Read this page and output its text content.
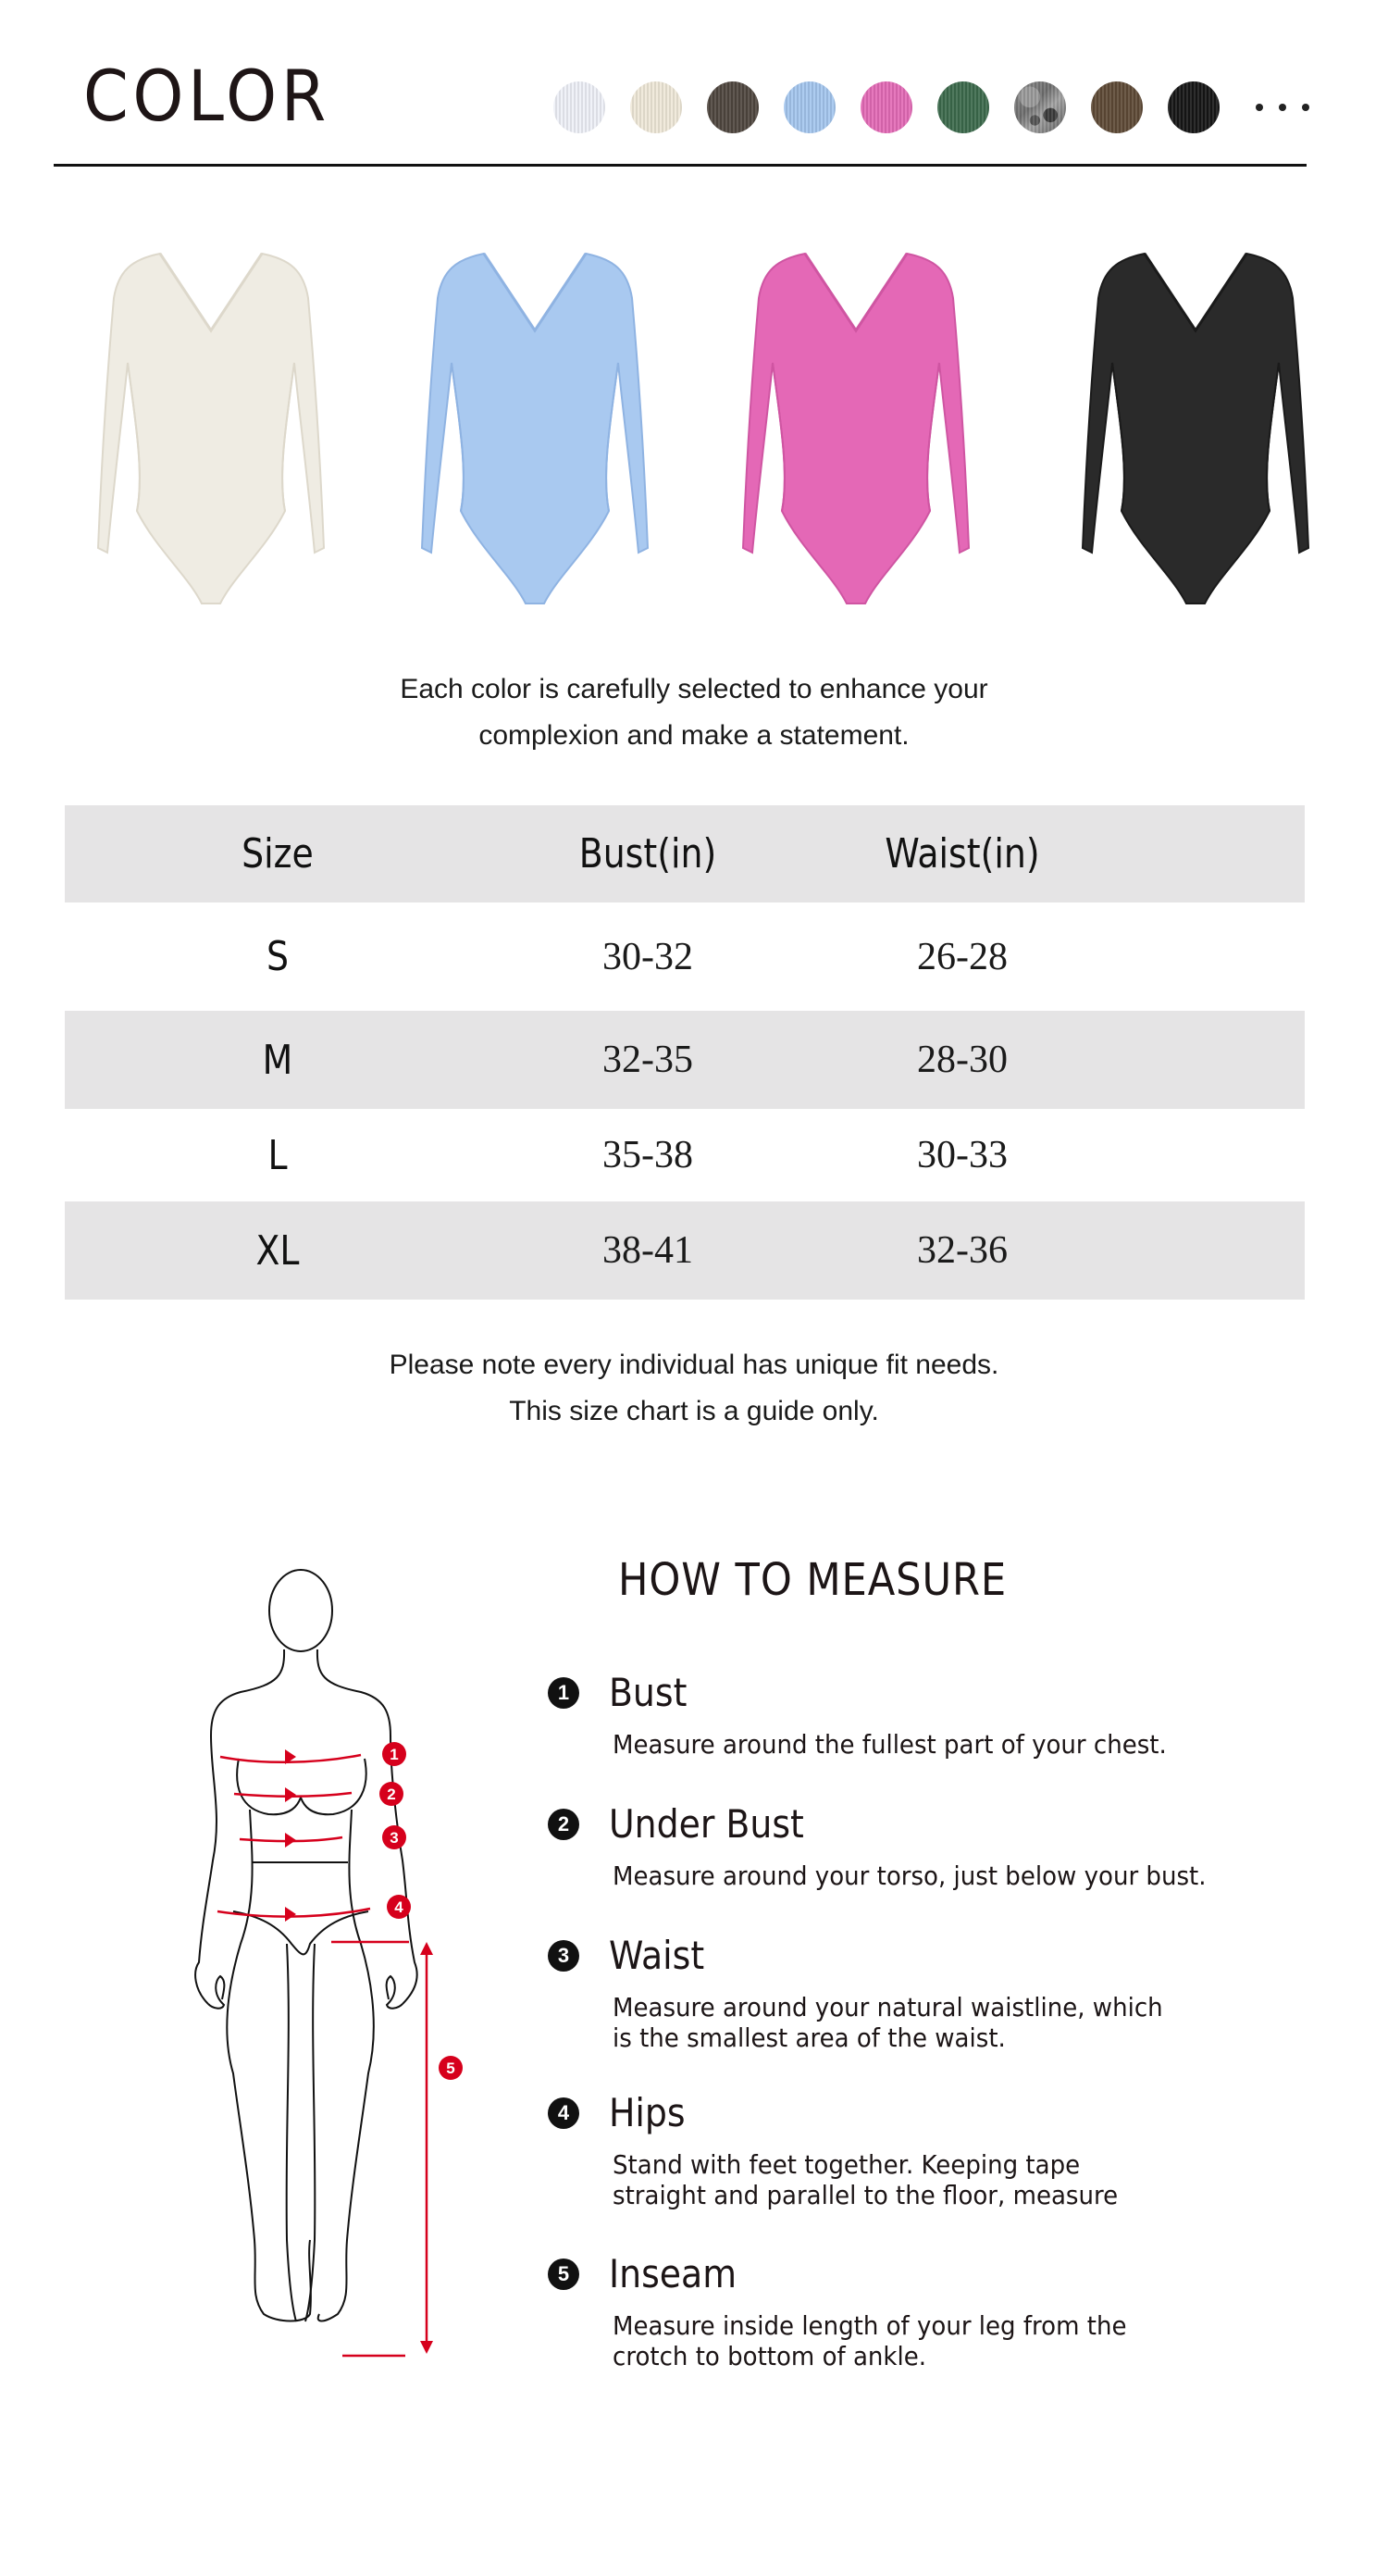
COLOR
Each color is carefully selected to enhance your
complexion and make a statement.
Size	Bust(in)	Waist(in)
S	30-32	26-28
M	32-35	28-30
L	35-38	30-33
XL	38-41	32-36
Please note every individual has unique fit needs.
This size chart is a guide only.
1
2
3
4
5
HOW TO MEASURE
1 Bust
Measure around the fullest part of your chest.
2 Under Bust
Measure around your torso, just below your bust.
3 Waist
Measure around your natural waistline, which
is the smallest area of the waist.
4 Hips
Stand with feet together. Keeping tape
straight and parallel to the floor, measure
5 Inseam
Measure inside length of your leg from the
crotch to bottom of ankle.
